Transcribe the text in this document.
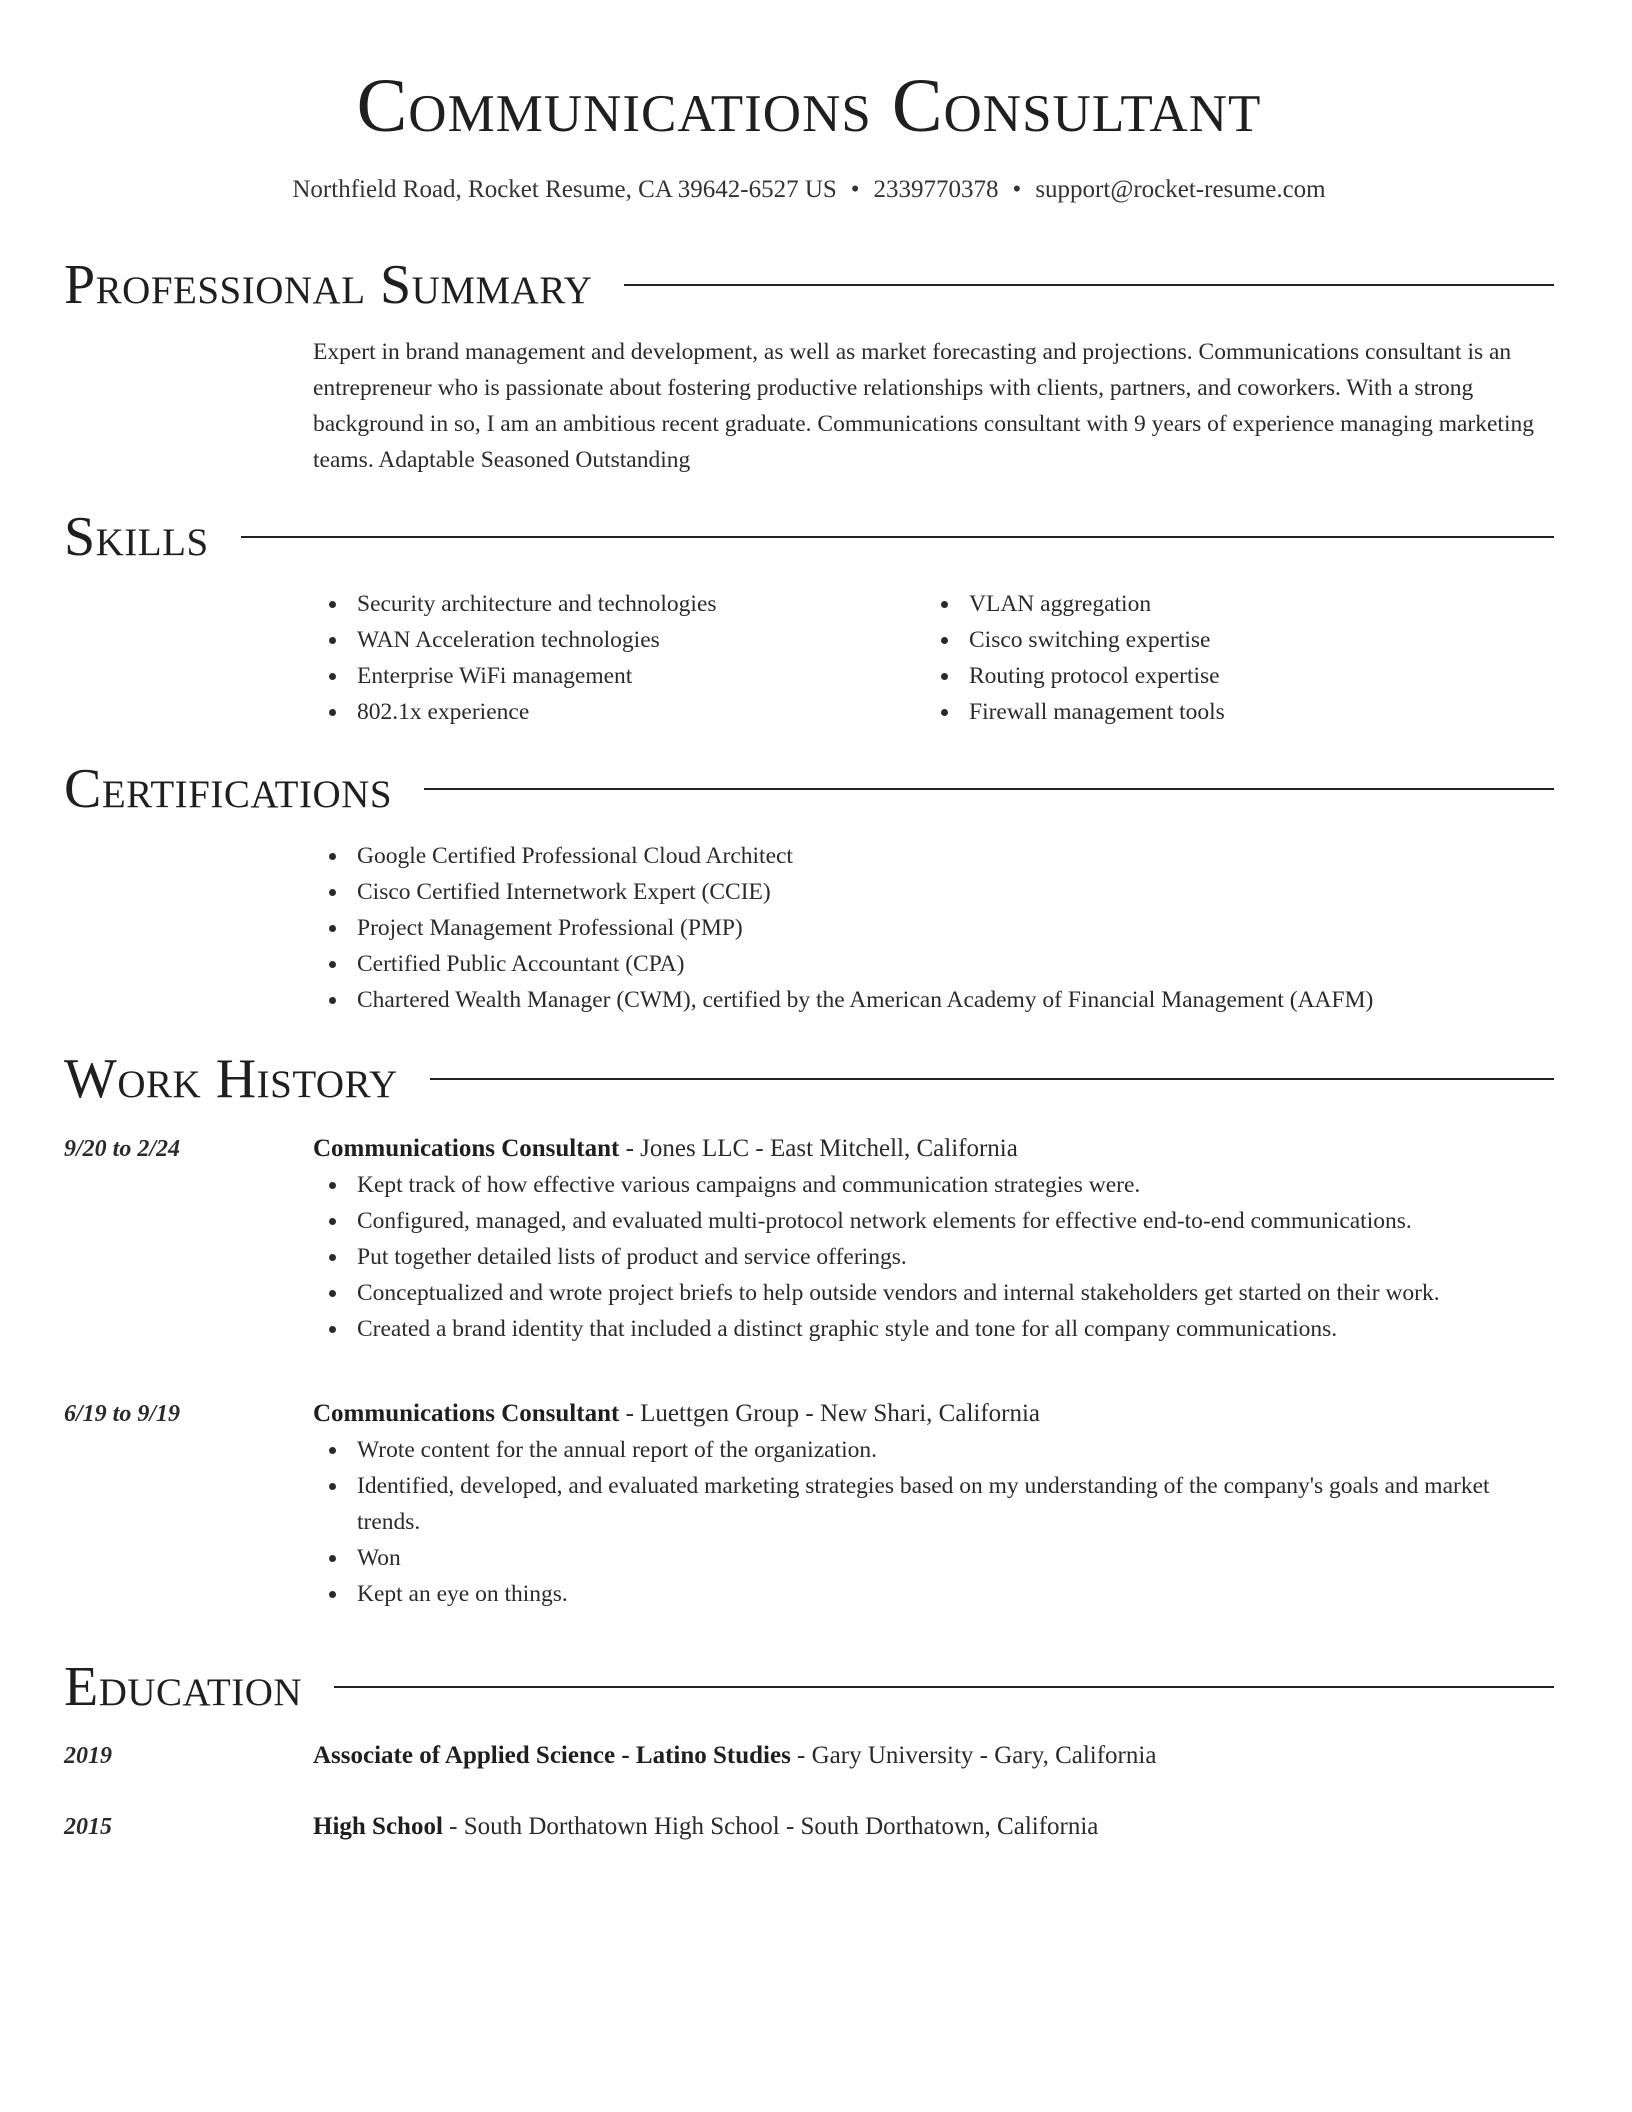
Communications Consultant
Northfield Road, Rocket Resume, CA 39642-6527 US • 2339770378 • support@rocket-resume.com
Professional Summary
Expert in brand management and development, as well as market forecasting and projections. Communications consultant is an entrepreneur who is passionate about fostering productive relationships with clients, partners, and coworkers. With a strong background in so, I am an ambitious recent graduate. Communications consultant with 9 years of experience managing marketing teams. Adaptable Seasoned Outstanding
Skills
Security architecture and technologies
WAN Acceleration technologies
Enterprise WiFi management
802.1x experience
VLAN aggregation
Cisco switching expertise
Routing protocol expertise
Firewall management tools
Certifications
Google Certified Professional Cloud Architect
Cisco Certified Internetwork Expert (CCIE)
Project Management Professional (PMP)
Certified Public Accountant (CPA)
Chartered Wealth Manager (CWM), certified by the American Academy of Financial Management (AAFM)
Work History
9/20 to 2/24	Communications Consultant - Jones LLC - East Mitchell, California
Kept track of how effective various campaigns and communication strategies were.
Configured, managed, and evaluated multi-protocol network elements for effective end-to-end communications.
Put together detailed lists of product and service offerings.
Conceptualized and wrote project briefs to help outside vendors and internal stakeholders get started on their work.
Created a brand identity that included a distinct graphic style and tone for all company communications.
6/19 to 9/19	Communications Consultant - Luettgen Group - New Shari, California
Wrote content for the annual report of the organization.
Identified, developed, and evaluated marketing strategies based on my understanding of the company's goals and market trends.
Won
Kept an eye on things.
Education
2019	Associate of Applied Science - Latino Studies - Gary University - Gary, California
2015	High School - South Dorthatown High School - South Dorthatown, California
